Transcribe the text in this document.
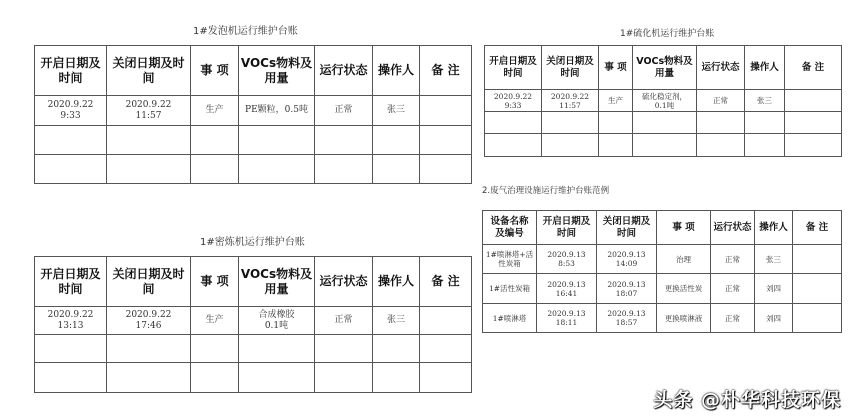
1#发泡机运行维护台账
开启日期及
时间	关闭日期及时
间	事 项	VOCs物料及
用量	运行状态	操作人	备 注

2020.9.22
9:33	2020.9.22
11:57	生产	PE颗粒，0.5吨	正常	张三	

1#硫化机运行维护台账
开启日期及
时间	关闭日期及
时间	事 项	VOCs物料及
用量	运行状态	操作人	备 注

2020.9.22
9:33	2020.9.22
11:57	生产	硫化稳定剂，
0.1吨	正常	张三	

1#密炼机运行维护台账
开启日期及
时间	关闭日期及时
间	事 项	VOCs物料及
用量	运行状态	操作人	备 注

2020.9.22
13:13	2020.9.22
17:46	生产	合成橡胶
0.1吨	正常	张三	

2.废气治理设施运行维护台账范例
设备名称
及编号	开启日期及
时间	关闭日期及
时间	事 项	运行状态	操作人	备 注

1#喷淋塔+活
性炭箱	2020.9.13
8:53	2020.9.13
14:09	治理	正常	张三	

1#活性炭箱	2020.9.13
16:41	2020.9.13
18:07	更换活性炭	正常	刘四	

1#喷淋塔	2020.9.13
18:11	2020.9.13
18:57	更换喷淋液	正常	刘四	

头条 @朴华科技环保
